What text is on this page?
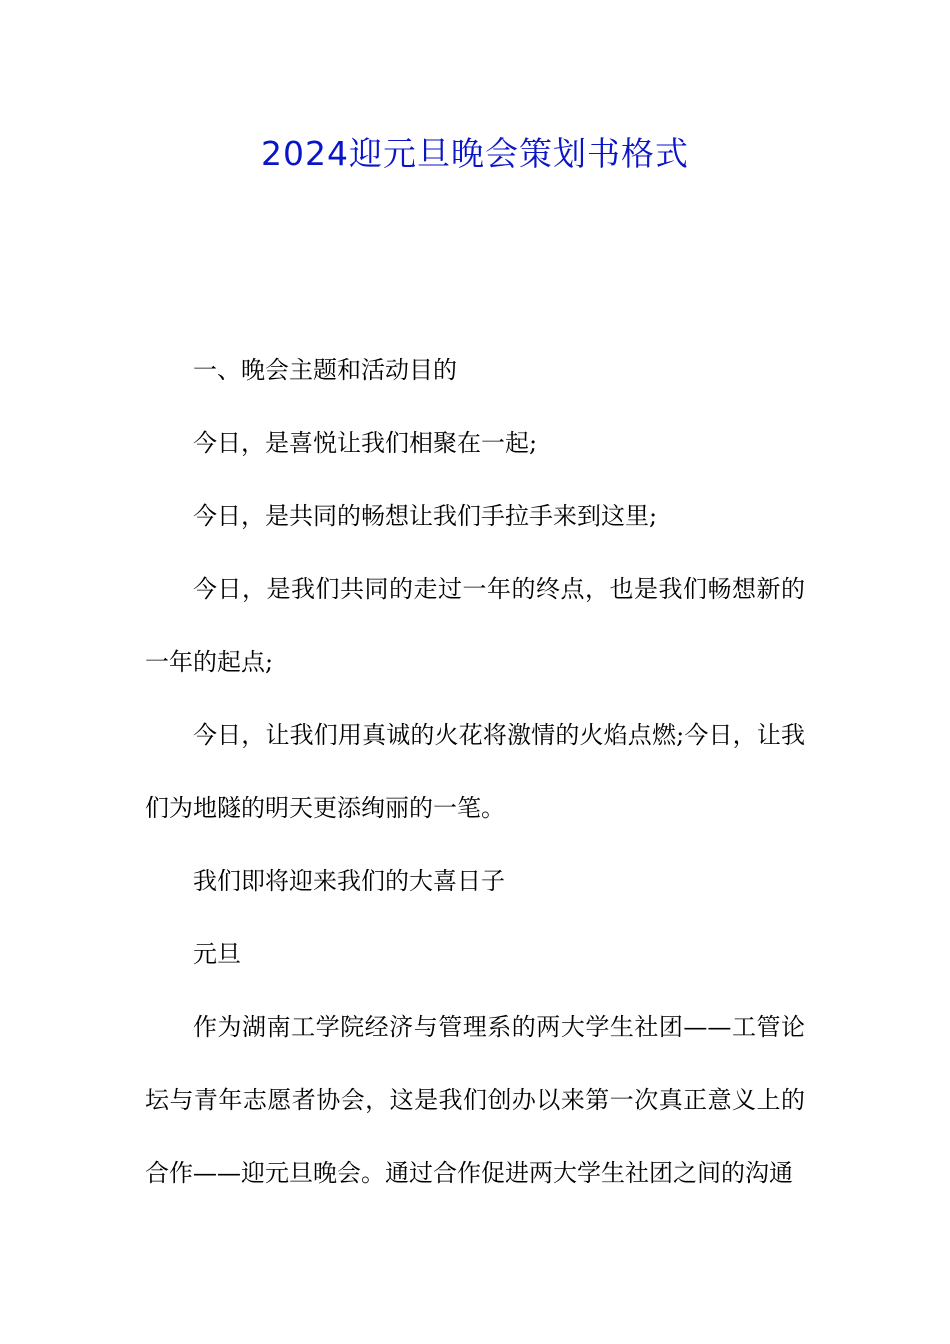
2024迎元旦晚会策划书格式

一、晚会主题和活动目的

今日，是喜悦让我们相聚在一起;

今日，是共同的畅想让我们手拉手来到这里;

今日，是我们共同的走过一年的终点，也是我们畅想新的一年的起点;

今日，让我们用真诚的火花将激情的火焰点燃;今日，让我们为地隧的明天更添绚丽的一笔。

我们即将迎来我们的大喜日子

元旦

作为湖南工学院经济与管理系的两大学生社团——工管论坛与青年志愿者协会，这是我们创办以来第一次真正意义上的合作——迎元旦晚会。通过合作促进两大学生社团之间的沟通
